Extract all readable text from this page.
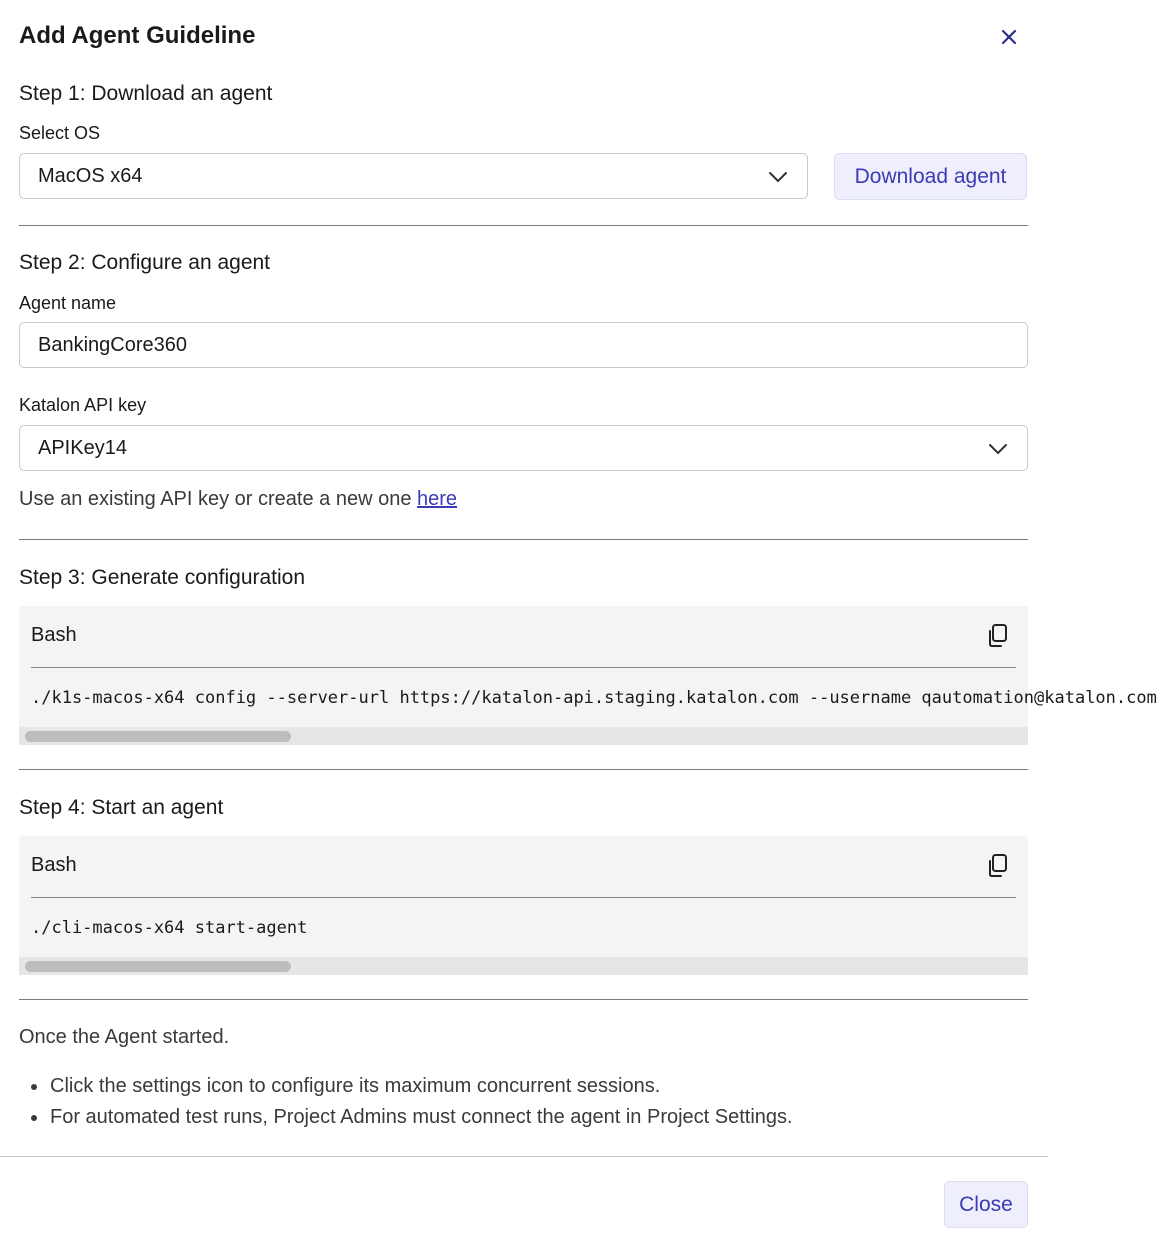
Add Agent Guideline
Step 1: Download an agent
Select OS
MacOS x64	Download agent
Step 2: Configure an agent
Agent name
BankingCore360
Katalon API key
APIKey14
Use an existing API key or create a new one here
Step 3: Generate configuration
Bash
./k1s-macos-x64 config --server-url https://katalon-api.staging.katalon.com --username qautomation@katalon.com
Step 4: Start an agent
Bash
./cli-macos-x64 start-agent
Once the Agent started.
Click the settings icon to configure its maximum concurrent sessions.
For automated test runs, Project Admins must connect the agent in Project Settings.
Close
